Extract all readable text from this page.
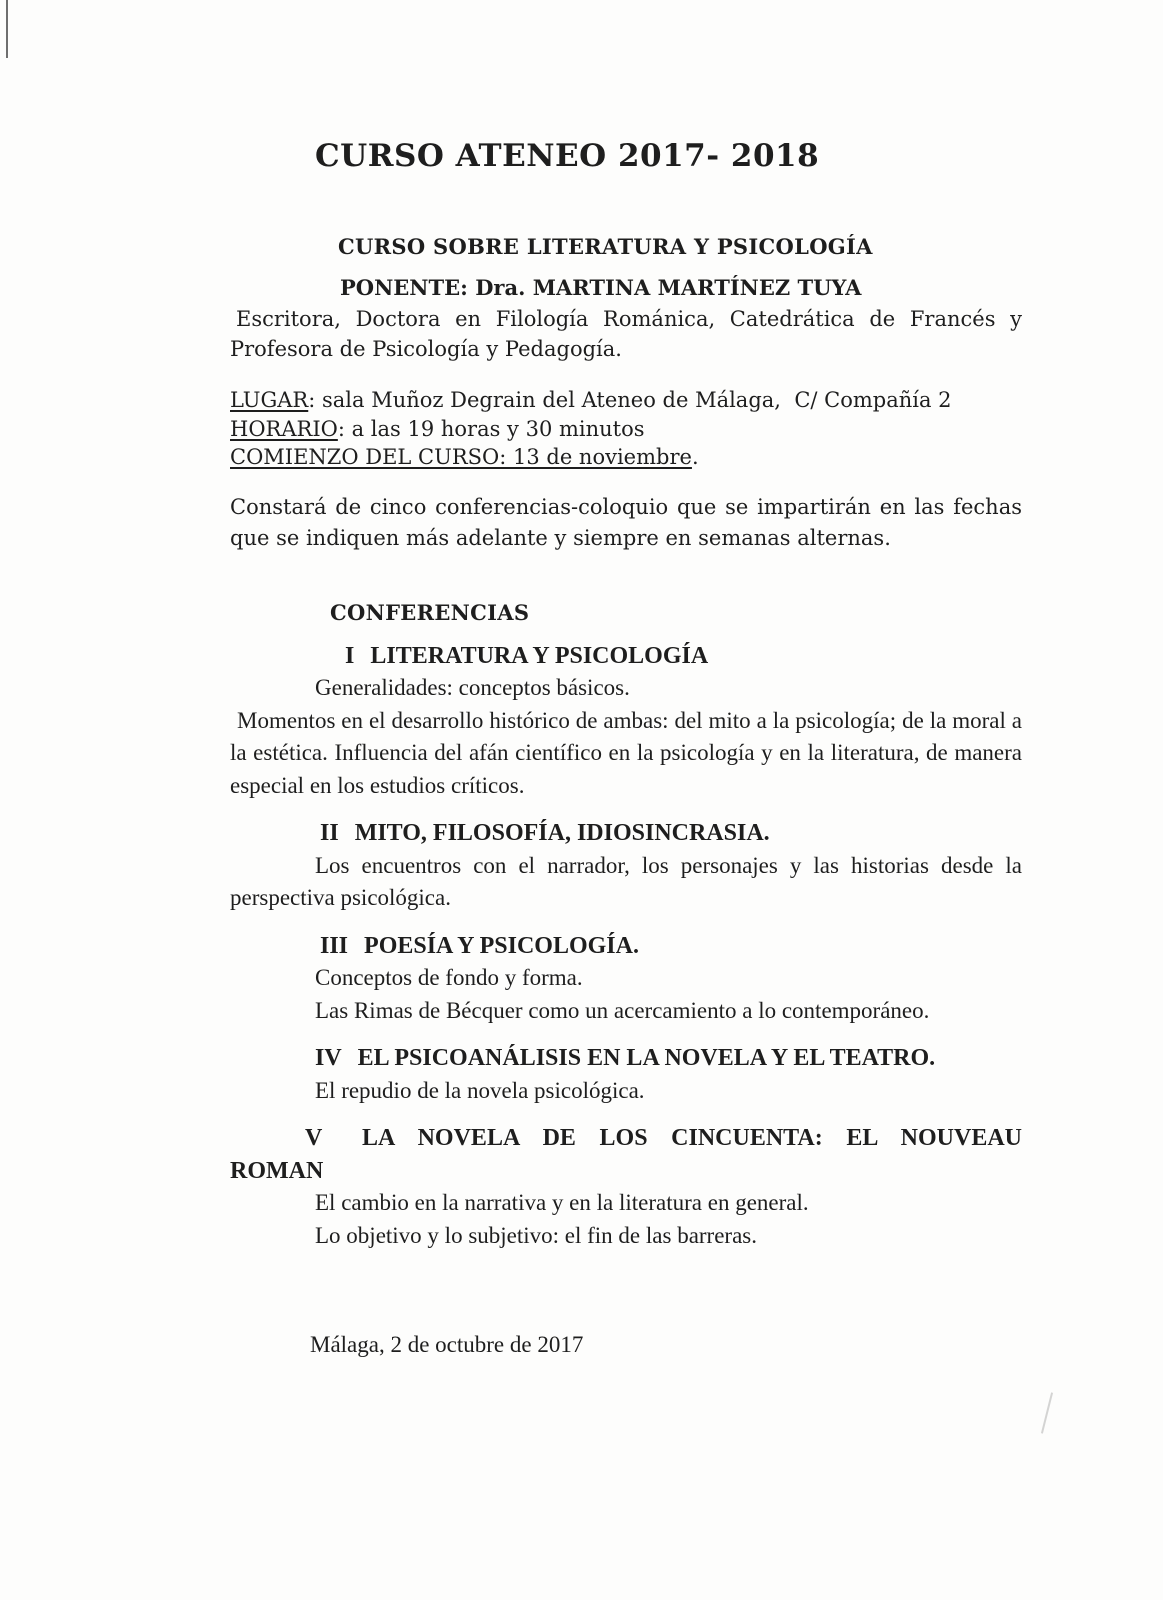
CURSO ATENEO 2017- 2018

CURSO SOBRE LITERATURA Y PSICOLOGÍA

PONENTE: Dra. MARTINA MARTÍNEZ TUYA

Escritora, Doctora en Filología Románica, Catedrática de Francés y Profesora de Psicología y Pedagogía.

LUGAR: sala Muñoz Degrain del Ateneo de Málaga,  C/ Compañía 2

HORARIO: a las 19 horas y 30 minutos

COMIENZO DEL CURSO: 13 de noviembre.

Constará de cinco conferencias-coloquio que se impartirán en las fechas que se indiquen más adelante y siempre en semanas alternas.

CONFERENCIAS

I LITERATURA Y PSICOLOGÍA

Generalidades: conceptos básicos.

Momentos en el desarrollo histórico de ambas: del mito a la psicología; de la moral a la estética. Influencia del afán científico en la psicología y en la literatura, de manera especial en los estudios críticos.

II MITO, FILOSOFÍA, IDIOSINCRASIA.

Los encuentros con el narrador, los personajes y las historias desde la perspectiva psicológica.

III POESÍA Y PSICOLOGÍA.

Conceptos de fondo y forma.

Las Rimas de Bécquer como un acercamiento a lo contemporáneo.

IV EL PSICOANÁLISIS EN LA NOVELA Y EL TEATRO.

El repudio de la novela psicológica.

V LA NOVELA DE LOS CINCUENTA: EL NOUVEAU

ROMAN

El cambio en la narrativa y en la literatura en general.

Lo objetivo y lo subjetivo: el fin de las barreras.

Málaga, 2 de octubre de 2017
